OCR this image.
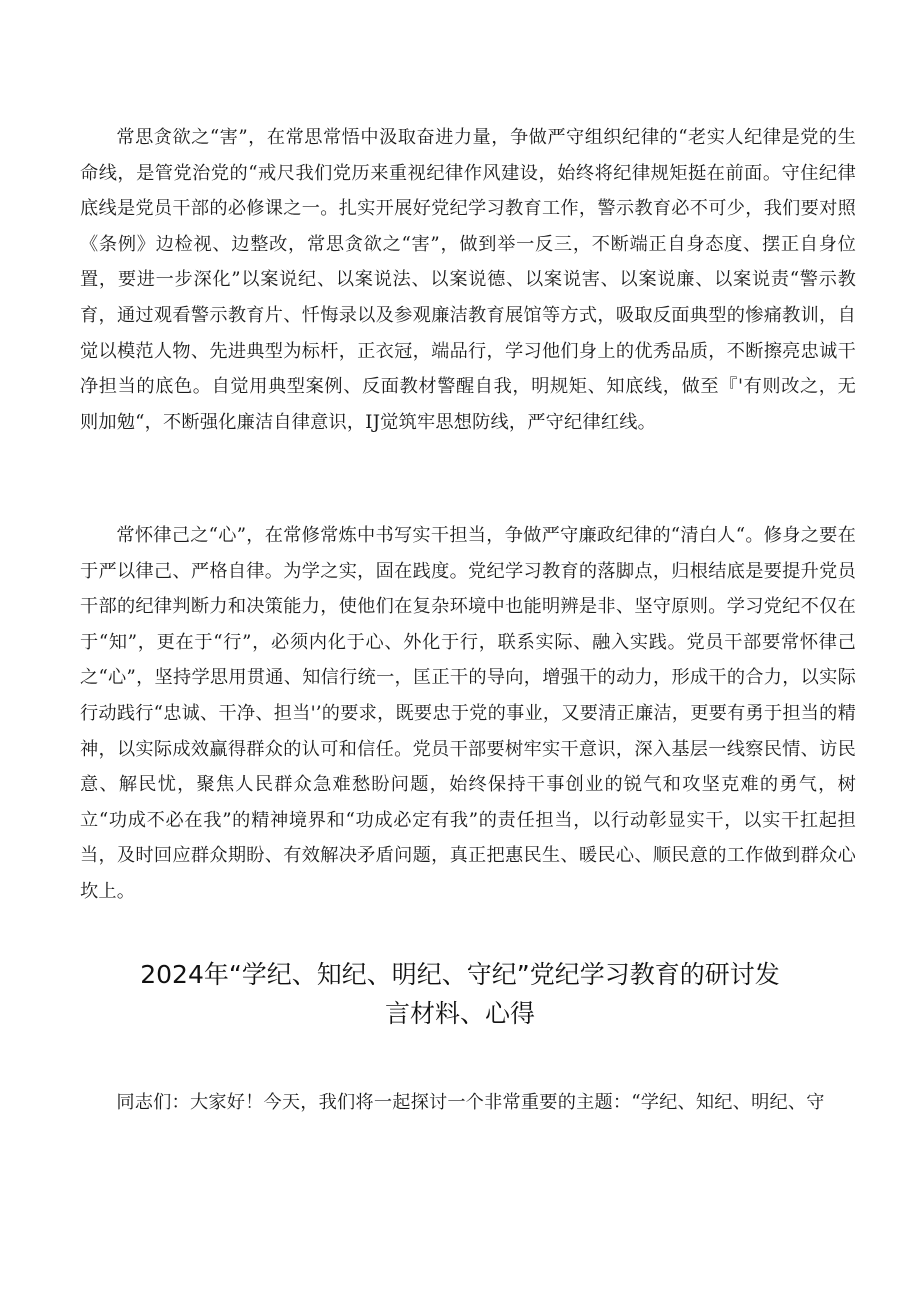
常思贪欲之“害”，在常思常悟中汲取奋进力量，争做严守组织纪律的“老实人纪律是党的生命线，是管党治党的“戒尺我们党历来重视纪律作风建设，始终将纪律规矩挺在前面。守住纪律底线是党员干部的必修课之一。扎实开展好党纪学习教育工作，警示教育必不可少，我们要对照《条例》边检视、边整改，常思贪欲之“害”，做到举一反三，不断端正自身态度、摆正自身位置，要进一步深化”以案说纪、以案说法、以案说德、以案说害、以案说廉、以案说责“警示教育，通过观看警示教育片、忏悔录以及参观廉洁教育展馆等方式，吸取反面典型的惨痛教训，自觉以模范人物、先进典型为标杆，正衣冠，端品行，学习他们身上的优秀品质，不断擦亮忠诚干净担当的底色。自觉用典型案例、反面教材警醒自我，明规矩、知底线，做至『'有则改之，无则加勉“，不断强化廉洁自律意识，IJ觉筑牢思想防线，严守纪律红线。

常怀律己之“心”，在常修常炼中书写实干担当，争做严守廉政纪律的“清白人“。修身之要在于严以律己、严格自律。为学之实，固在践度。党纪学习教育的落脚点，归根结底是要提升党员干部的纪律判断力和决策能力，使他们在复杂环境中也能明辨是非、坚守原则。学习党纪不仅在于“知”，更在于“行”，必须内化于心、外化于行，联系实际、融入实践。党员干部要常怀律己之“心”，坚持学思用贯通、知信行统一，匡正干的导向，增强干的动力，形成干的合力，以实际行动践行“忠诚、干净、担当'’的要求，既要忠于党的事业，又要清正廉洁，更要有勇于担当的精神，以实际成效赢得群众的认可和信任。党员干部要树牢实干意识，深入基层一线察民情、访民意、解民忧，聚焦人民群众急难愁盼问题，始终保持干事创业的锐气和攻坚克难的勇气，树立“功成不必在我”的精神境界和“功成必定有我”的责任担当，以行动彰显实干，以实干扛起担当，及时回应群众期盼、有效解决矛盾问题，真正把惠民生、暖民心、顺民意的工作做到群众心坎上。

2024年“学纪、知纪、明纪、守纪”党纪学习教育的研讨发
言材料、心得

同志们：大家好！今天，我们将一起探讨一个非常重要的主题：“学纪、知纪、明纪、守
